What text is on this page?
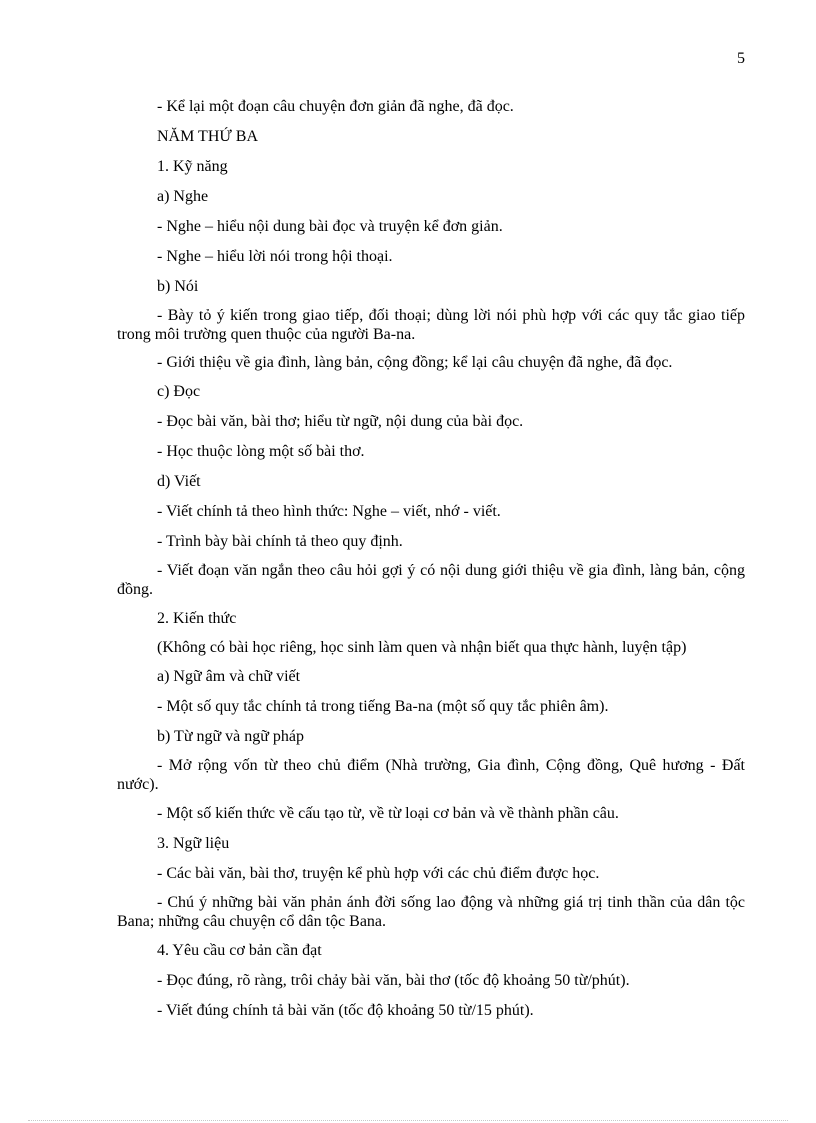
5

- Kể lại một đoạn câu chuyện đơn giản đã nghe, đã đọc.

NĂM THỨ BA

1. Kỹ năng

a) Nghe

- Nghe – hiểu nội dung bài đọc và truyện kể đơn giản.

- Nghe – hiểu lời nói trong hội thoại.

b) Nói

- Bày tỏ ý kiến trong giao tiếp, đối thoại; dùng lời nói phù hợp với các quy tắc giao tiếp trong môi trường quen thuộc của người Ba-na.

- Giới thiệu về gia đình, làng bản, cộng đồng; kể lại câu chuyện đã nghe, đã đọc.

c) Đọc

- Đọc bài văn, bài thơ; hiểu từ ngữ, nội dung của bài đọc.

- Học thuộc lòng một số bài thơ.

d) Viết

- Viết chính tả theo hình thức: Nghe – viết, nhớ - viết.

- Trình bày bài chính tả theo quy định.

- Viết đoạn văn ngắn theo câu hỏi gợi ý có nội dung giới thiệu về gia đình, làng bản, cộng đồng.

2. Kiến thức

(Không có bài học riêng, học sinh làm quen và nhận biết qua thực hành, luyện tập)

a) Ngữ âm và chữ viết

- Một số quy tắc chính tả trong tiếng Ba-na (một số quy tắc phiên âm).

b) Từ ngữ và ngữ pháp

- Mở rộng vốn từ theo chủ điểm (Nhà trường, Gia đình, Cộng đồng, Quê hương - Đất nước).

- Một số kiến thức về cấu tạo từ, về từ loại cơ bản và về thành phần câu.

3. Ngữ liệu

- Các bài văn, bài thơ, truyện kể phù hợp với các chủ điểm được học.

- Chú ý những bài văn phản ánh đời sống lao động và những giá trị tinh thần của dân tộc Bana; những câu chuyện cổ dân tộc Bana.

4. Yêu cầu cơ bản cần đạt

- Đọc đúng, rõ ràng, trôi chảy bài văn, bài thơ (tốc độ khoảng 50 từ/phút).

- Viết đúng chính tả bài văn (tốc độ khoảng 50 từ/15 phút).
